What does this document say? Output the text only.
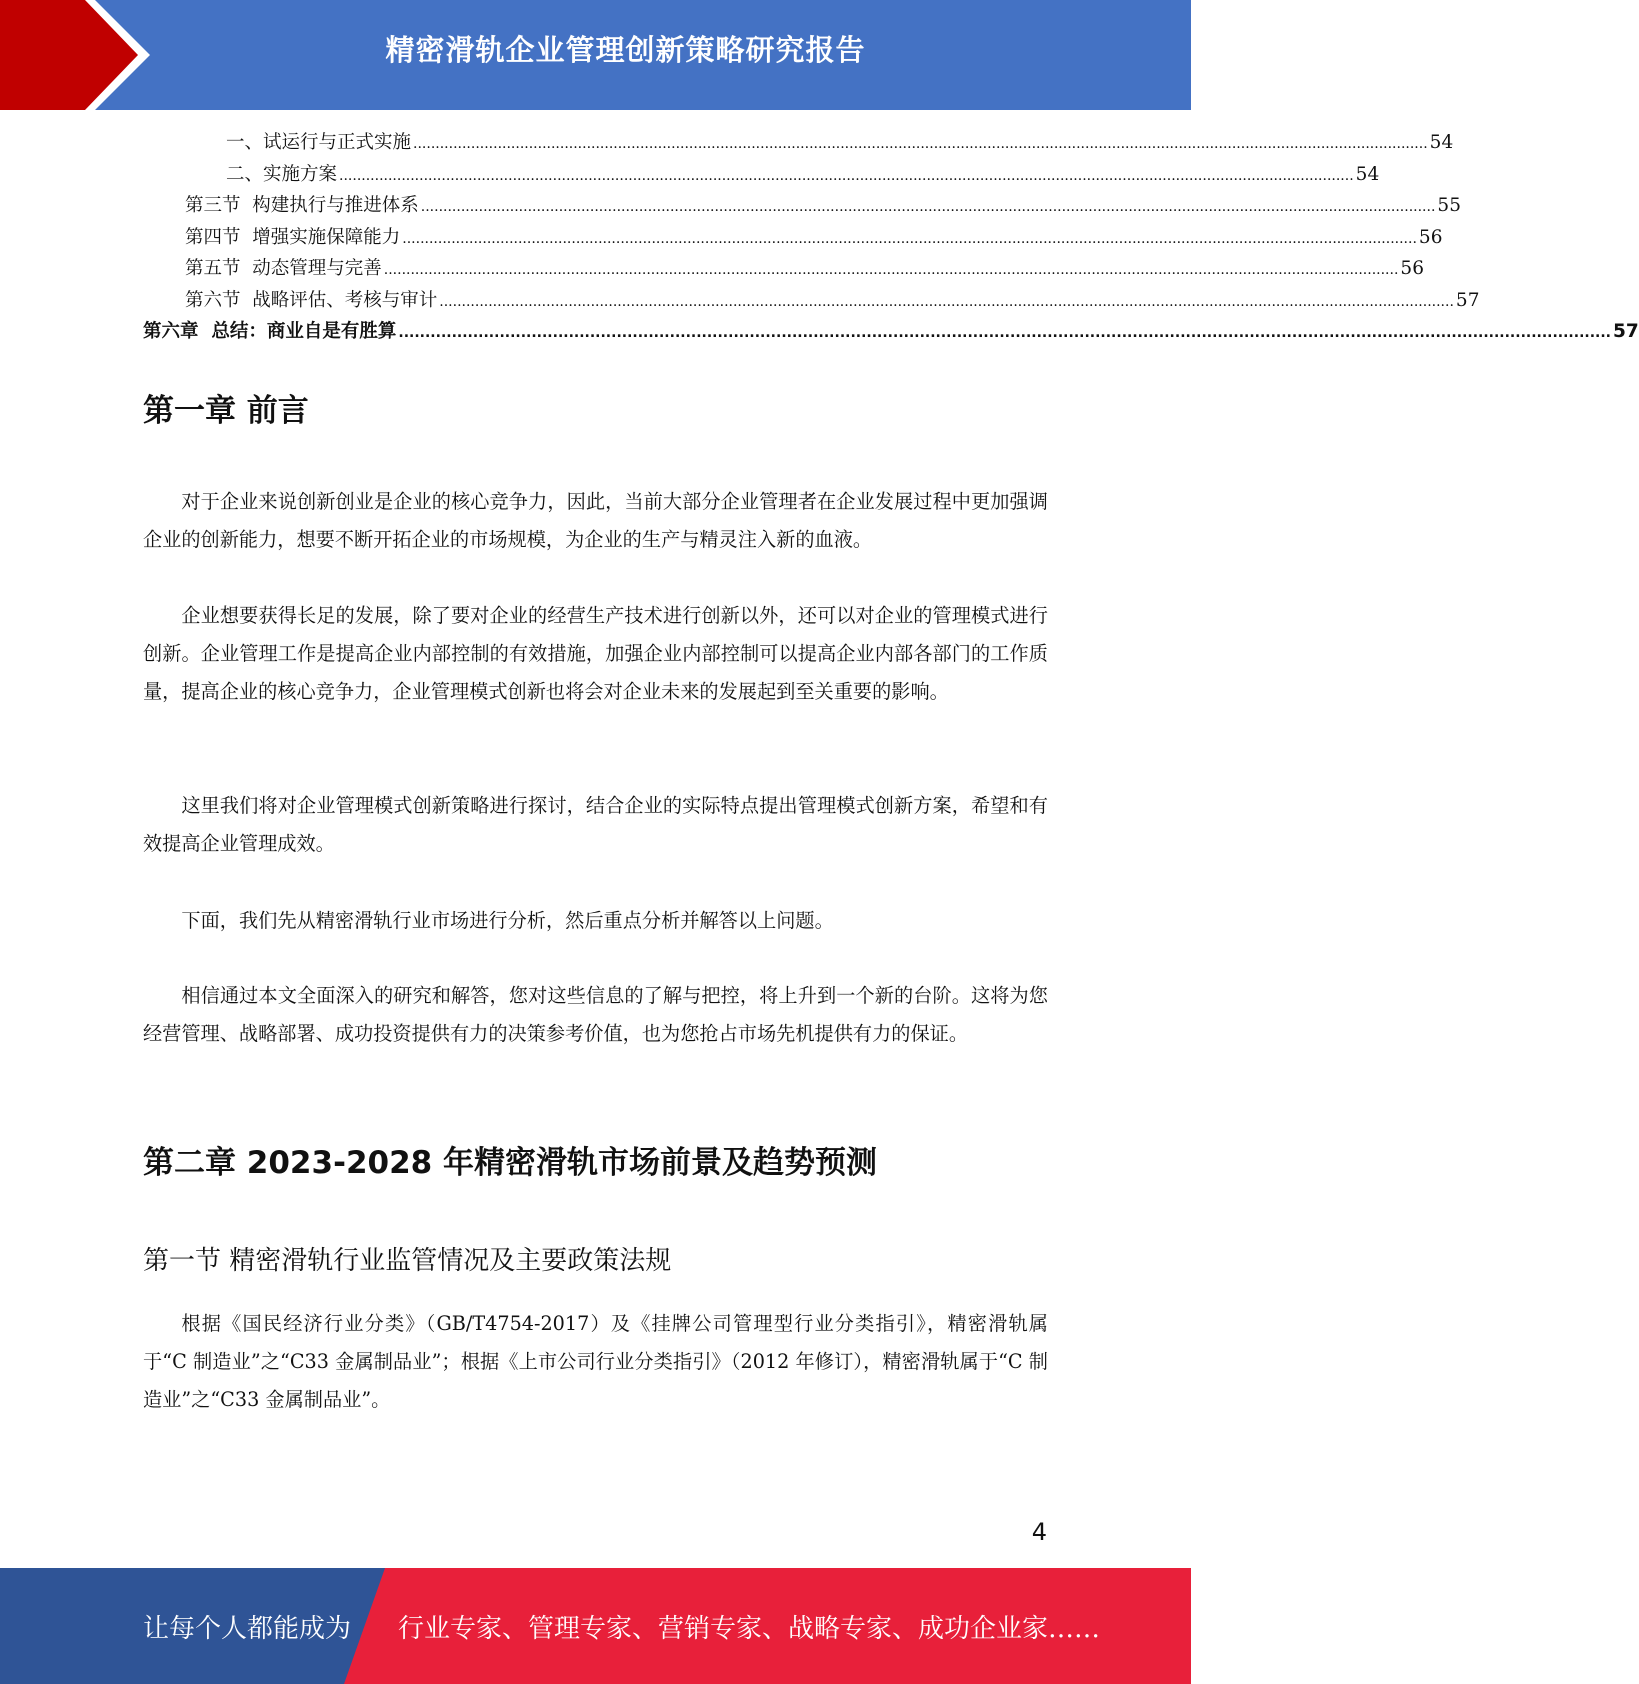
精密滑轨企业管理创新策略研究报告
一、试运行与正式实施 .................................................................................................................................................................................................................................... 54
二、实施方案 .................................................................................................................................................................................................................................... 54
第三节  构建执行与推进体系 .................................................................................................................................................................................................................................... 55
第四节  增强实施保障能力 .................................................................................................................................................................................................................................... 56
第五节  动态管理与完善 .................................................................................................................................................................................................................................... 56
第六节  战略评估、考核与审计 .................................................................................................................................................................................................................................... 57
第六章  总结：商业自是有胜算 .................................................................................................................................................................................................................................... 57
第一章 前言
对于企业来说创新创业是企业的核心竞争力，因此，当前大部分企业管理者在企业发展过程中更加强调企业的创新能力，想要不断开拓企业的市场规模，为企业的生产与精灵注入新的血液。
企业想要获得长足的发展，除了要对企业的经营生产技术进行创新以外，还可以对企业的管理模式进行创新。企业管理工作是提高企业内部控制的有效措施，加强企业内部控制可以提高企业内部各部门的工作质量，提高企业的核心竞争力，企业管理模式创新也将会对企业未来的发展起到至关重要的影响。
这里我们将对企业管理模式创新策略进行探讨，结合企业的实际特点提出管理模式创新方案，希望和有效提高企业管理成效。
下面，我们先从精密滑轨行业市场进行分析，然后重点分析并解答以上问题。
相信通过本文全面深入的研究和解答，您对这些信息的了解与把控，将上升到一个新的台阶。这将为您经营管理、战略部署、成功投资提供有力的决策参考价值，也为您抢占市场先机提供有力的保证。
第二章 2023-2028 年精密滑轨市场前景及趋势预测
第一节 精密滑轨行业监管情况及主要政策法规
根据《国民经济行业分类》（GB/T4754-2017）及《挂牌公司管理型行业分类指引》，精密滑轨属于“C 制造业”之“C33 金属制品业”；根据《上市公司行业分类指引》（2012 年修订），精密滑轨属于“C 制造业”之“C33 金属制品业”。
4
让每个人都能成为 行业专家、管理专家、营销专家、战略专家、成功企业家……
